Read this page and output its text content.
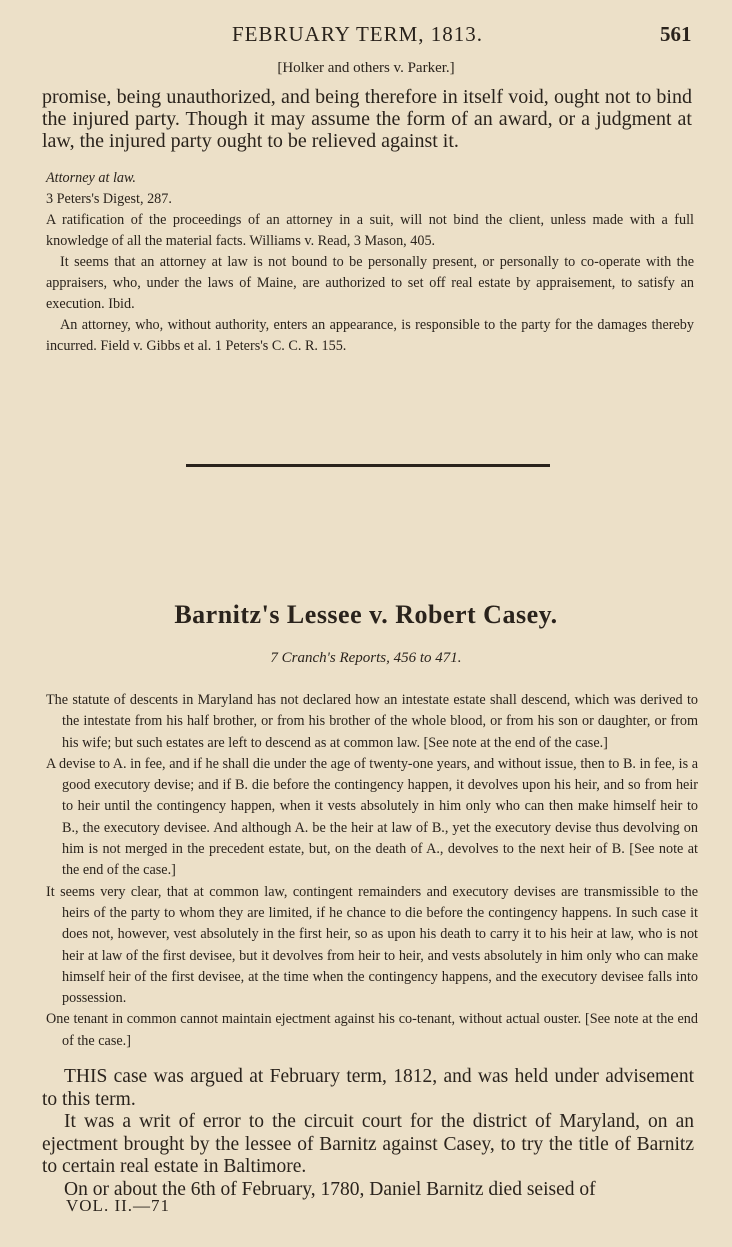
FEBRUARY TERM, 1813.	561
[Holker and others v. Parker.]

promise, being unauthorized, and being therefore in itself void, ought not to bind the injured party. Though it may assume the form of an award, or a judgment at law, the injured party ought to be relieved against it.

Attorney at law.

3 Peters's Digest, 287.

A ratification of the proceedings of an attorney in a suit, will not bind the client, unless made with a full knowledge of all the material facts. Williams v. Read, 3 Mason, 405.

It seems that an attorney at law is not bound to be personally present, or personally to co-operate with the appraisers, who, under the laws of Maine, are authorized to set off real estate by appraisement, to satisfy an execution. Ibid.

An attorney, who, without authority, enters an appearance, is responsible to the party for the damages thereby incurred. Field v. Gibbs et al. 1 Peters's C. C. R. 155.

Barnitz's Lessee v. Robert Casey.
7 Cranch's Reports, 456 to 471.

The statute of descents in Maryland has not declared how an intestate estate shall descend, which was derived to the intestate from his half brother, or from his brother of the whole blood, or from his son or daughter, or from his wife; but such estates are left to descend as at common law. [See note at the end of the case.]

A devise to A. in fee, and if he shall die under the age of twenty-one years, and without issue, then to B. in fee, is a good executory devise; and if B. die before the contingency happen, it devolves upon his heir, and so from heir to heir until the contingency happen, when it vests absolutely in him only who can then make himself heir to B., the executory devisee. And although A. be the heir at law of B., yet the executory devise thus devolving on him is not merged in the precedent estate, but, on the death of A., devolves to the next heir of B. [See note at the end of the case.]

It seems very clear, that at common law, contingent remainders and executory devises are transmissible to the heirs of the party to whom they are limited, if he chance to die before the contingency happens. In such case it does not, however, vest absolutely in the first heir, so as upon his death to carry it to his heir at law, who is not heir at law of the first devisee, but it devolves from heir to heir, and vests absolutely in him only who can make himself heir of the first devisee, at the time when the contingency happens, and the executory devisee falls into possession.

One tenant in common cannot maintain ejectment against his co-tenant, without actual ouster. [See note at the end of the case.]

THIS case was argued at February term, 1812, and was held under advisement to this term.

It was a writ of error to the circuit court for the district of Maryland, on an ejectment brought by the lessee of Barnitz against Casey, to try the title of Barnitz to certain real estate in Baltimore.

On or about the 6th of February, 1780, Daniel Barnitz died seised of

VOL. II.—71
